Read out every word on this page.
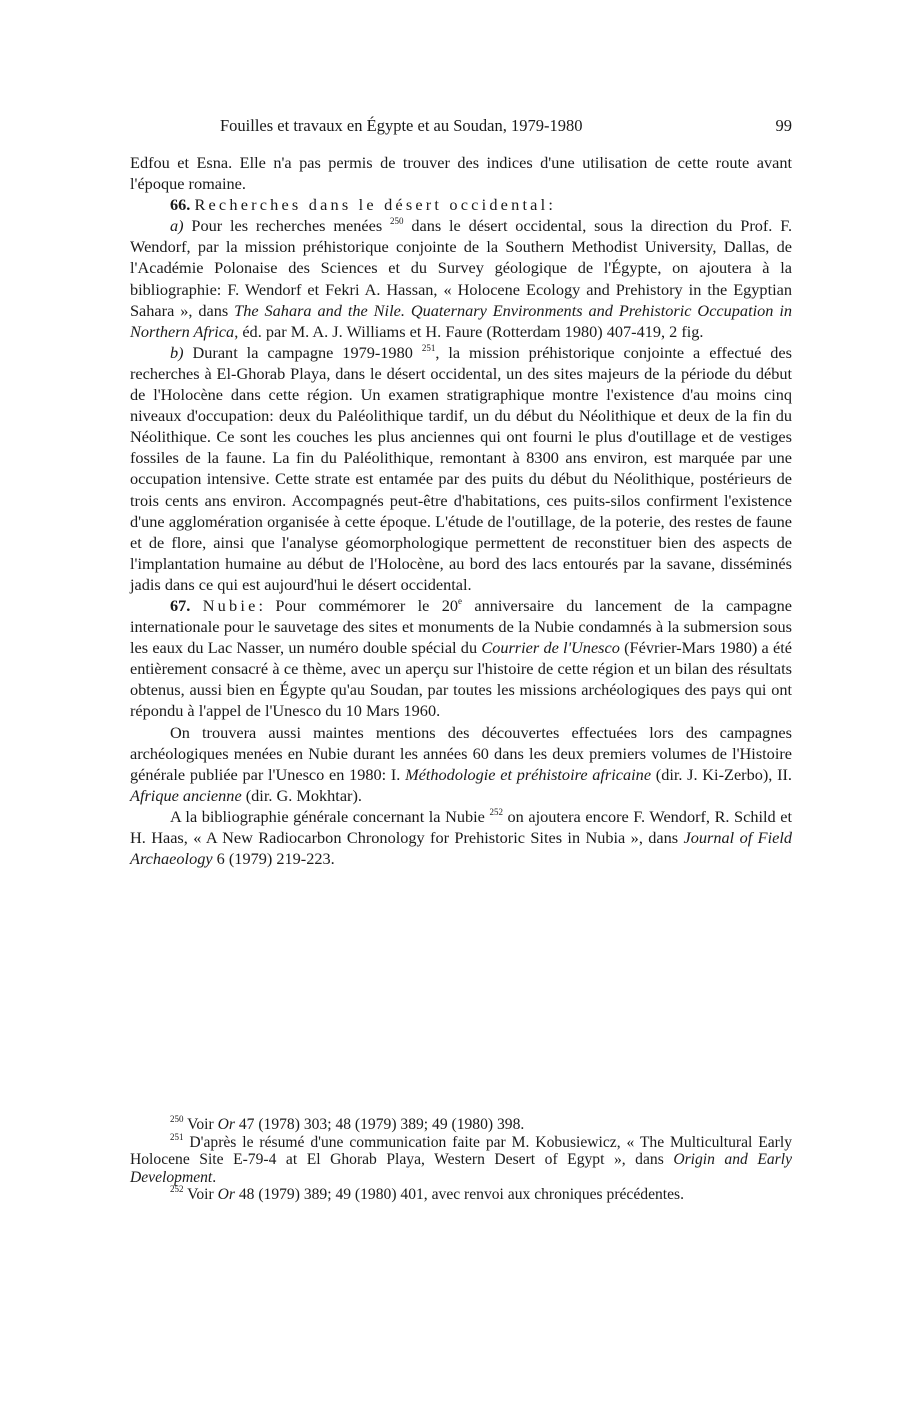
Fouilles et travaux en Égypte et au Soudan, 1979-1980	99

Edfou et Esna. Elle n'a pas permis de trouver des indices d'une utilisation de cette route avant l'époque romaine.

66. Recherches dans le désert occidental:

a) Pour les recherches menées $^{250}$ dans le désert occidental, sous la direction du Prof. F. Wendorf, par la mission préhistorique conjointe de la Southern Methodist University, Dallas, de l'Académie Polonaise des Sciences et du Survey géologique de l'Égypte, on ajoutera à la bibliographie: F. Wendorf et Fekri A. Hassan, « Holocene Ecology and Prehistory in the Egyptian Sahara », dans The Sahara and the Nile. Quaternary Environments and Prehistoric Occupation in Northern Africa, éd. par M. A. J. Williams et H. Faure (Rotterdam 1980) 407-419, 2 fig.

b) Durant la campagne 1979-1980 $^{251}$, la mission préhistorique conjointe a effectué des recherches à El-Ghorab Playa, dans le désert occidental, un des sites majeurs de la période du début de l'Holocène dans cette région. Un examen stratigraphique montre l'existence d'au moins cinq niveaux d'occupation: deux du Paléolithique tardif, un du début du Néolithique et deux de la fin du Néolithique. Ce sont les couches les plus anciennes qui ont fourni le plus d'outillage et de vestiges fossiles de la faune. La fin du Paléolithique, remontant à 8300 ans environ, est marquée par une occupation intensive. Cette strate est entamée par des puits du début du Néolithique, postérieurs de trois cents ans environ. Accompagnés peut-être d'habitations, ces puits-silos confirment l'existence d'une agglomération organisée à cette époque. L'étude de l'outillage, de la poterie, des restes de faune et de flore, ainsi que l'analyse géomorphologique permettent de reconstituer bien des aspects de l'implantation humaine au début de l'Holocène, au bord des lacs entourés par la savane, disséminés jadis dans ce qui est aujourd'hui le désert occidental.

67. Nubie: Pour commémorer le 20e anniversaire du lancement de la campagne internationale pour le sauvetage des sites et monuments de la Nubie condamnés à la submersion sous les eaux du Lac Nasser, un numéro double spécial du Courrier de l'Unesco (Février-Mars 1980) a été entièrement consacré à ce thème, avec un aperçu sur l'histoire de cette région et un bilan des résultats obtenus, aussi bien en Égypte qu'au Soudan, par toutes les missions archéologiques des pays qui ont répondu à l'appel de l'Unesco du 10 Mars 1960.

On trouvera aussi maintes mentions des découvertes effectuées lors des campagnes archéologiques menées en Nubie durant les années 60 dans les deux premiers volumes de l'Histoire générale publiée par l'Unesco en 1980: I. Méthodologie et préhistoire africaine (dir. J. Ki-Zerbo), II. Afrique ancienne (dir. G. Mokhtar).

A la bibliographie générale concernant la Nubie $^{252}$ on ajoutera encore F. Wendorf, R. Schild et H. Haas, « A New Radiocarbon Chronology for Prehistoric Sites in Nubia », dans Journal of Field Archaeology 6 (1979) 219-223.

$^{250}$ Voir Or 47 (1978) 303; 48 (1979) 389; 49 (1980) 398.

$^{251}$ D'après le résumé d'une communication faite par M. Kobusiewicz, « The Multicultural Early Holocene Site E-79-4 at El Ghorab Playa, Western Desert of Egypt », dans Origin and Early Development.

$^{252}$ Voir Or 48 (1979) 389; 49 (1980) 401, avec renvoi aux chroniques précédentes.
